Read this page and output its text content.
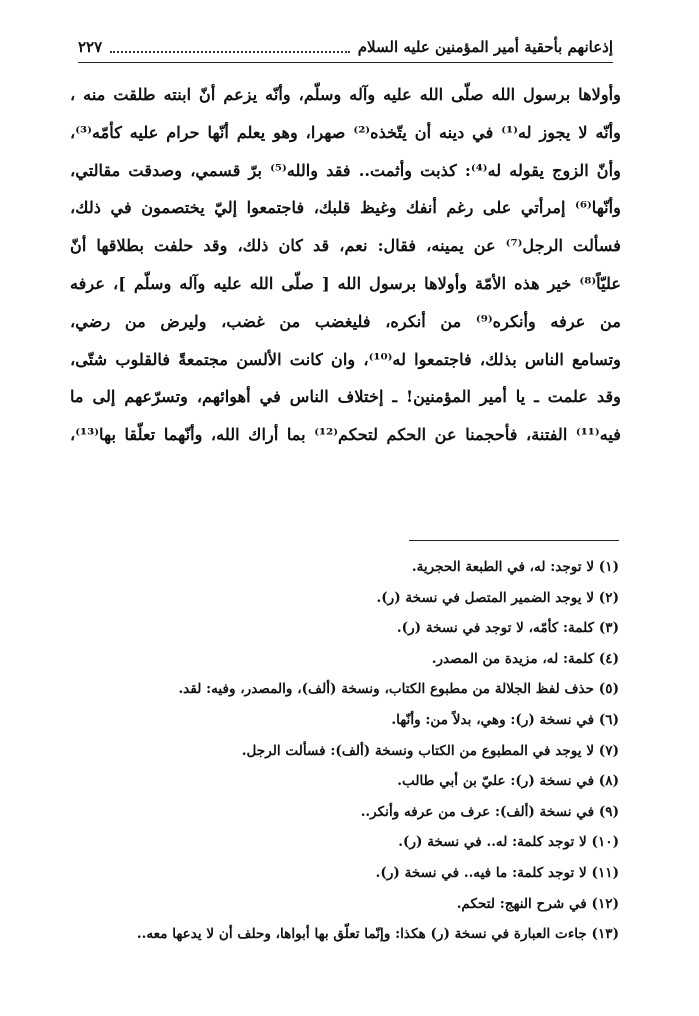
إذعانهم بأحقية أمير المؤمنين عليه السلام
٢٢٧
وأولاها برسول الله صلّى الله عليه وآله وسلّم، وأنّه يزعم أنّ ابنته طلقت منه ،
وأنّه لا يجوز له⁽¹⁾ في دينه أن يتّخذه⁽²⁾ صهرا، وهو يعلم أنّها حرام عليه كأمّه⁽³⁾،
وأنّ الزوج يقوله له⁽⁴⁾: كذبت وأثمت.. فقد والله⁽⁵⁾ برّ قسمي، وصدقت مقالتي،
وأنّها⁽⁶⁾ إمرأتي على رغم أنفك وغيظ قلبك، فاجتمعوا إليّ يختصمون في ذلك،
فسألت الرجل⁽⁷⁾ عن يمينه، فقال: نعم، قد كان ذلك، وقد حلفت بطلاقها أنّ
عليّاً⁽⁸⁾ خير هذه الأمّة وأولاها برسول الله [ صلّى الله عليه وآله وسلّم ]، عرفه
من عرفه وأنكره⁽⁹⁾ من أنكره، فليغضب من غضب، وليرض من رضي،
وتسامع الناس بذلك، فاجتمعوا له⁽¹⁰⁾، وان كانت الألسن مجتمعةً فالقلوب شتّى،
وقد علمت ـ يا أمير المؤمنين! ـ إختلاف الناس في أهوائهم، وتسرّعهم إلى ما
فيه⁽¹¹⁾ الفتنة، فأحجمنا عن الحكم لتحكم⁽¹²⁾ بما أراك الله، وأنّهما تعلّقا بها⁽¹³⁾،
(١) لا توجد: له، في الطبعة الحجرية.
(٢) لا يوجد الضمير المتصل في نسخة (ر).
(٣) كلمة: كأمّه، لا توجد في نسخة (ر).
(٤) كلمة: له، مزيدة من المصدر.
(٥) حذف لفظ الجلالة من مطبوع الكتاب، ونسخة (ألف)، والمصدر، وفيه: لقد.
(٦) في نسخة (ر): وهي، بدلاً من: وأنّها.
(٧) لا يوجد في المطبوع من الكتاب ونسخة (ألف): فسألت الرجل.
(٨) في نسخة (ر): عليّ بن أبي طالب.
(٩) في نسخة (ألف): عرف من عرفه وأنكر..
(١٠) لا توجد كلمة: له.. في نسخة (ر).
(١١) لا توجد كلمة: ما فيه.. في نسخة (ر).
(١٢) في شرح النهج: لتحكم.
(١٣) جاءت العبارة في نسخة (ر) هكذا: وإنّما تعلّق بها أبواها، وحلف أن لا يدعها معه..
